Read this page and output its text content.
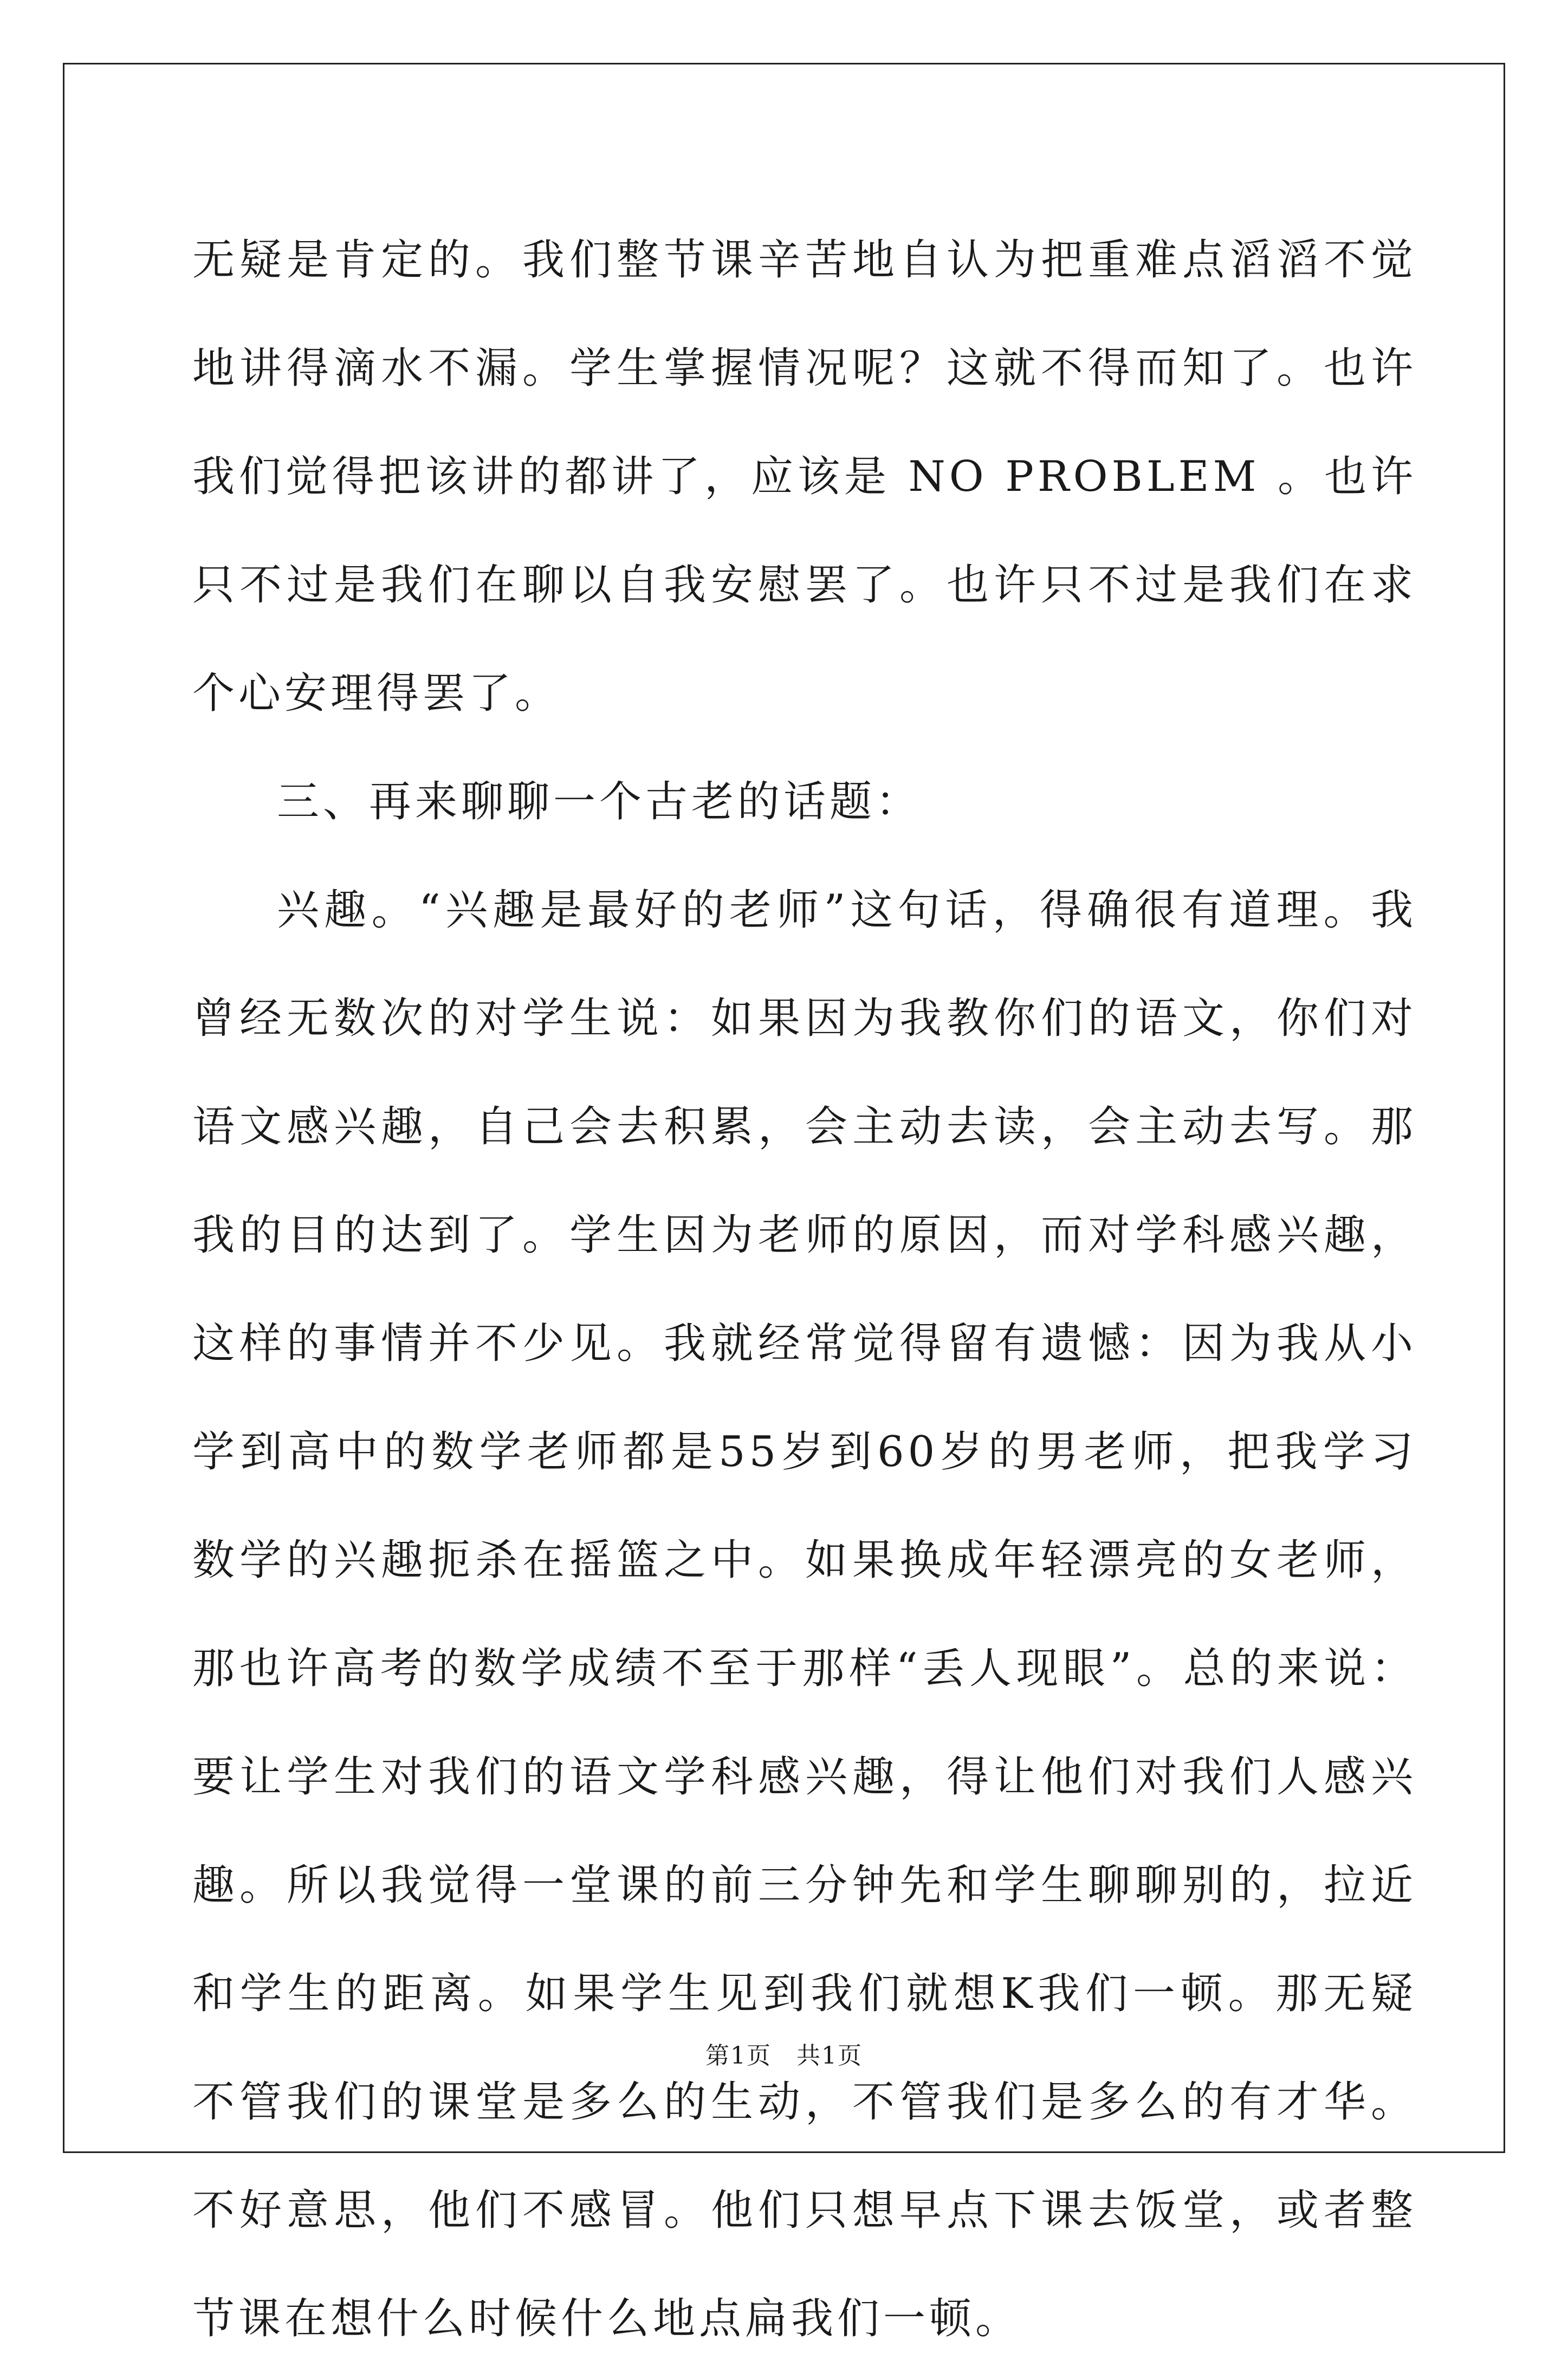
无疑是肯定的。我们整节课辛苦地自认为把重难点滔滔不觉地讲得滴水不漏。学生掌握情况呢？这就不得而知了。也许我们觉得把该讲的都讲了，应该是 NO PROBLEM 。也许只不过是我们在聊以自我安慰罢了。也许只不过是我们在求个心安理得罢了。

三、再来聊聊一个古老的话题：

兴趣。“兴趣是最好的老师”这句话，得确很有道理。我曾经无数次的对学生说：如果因为我教你们的语文，你们对语文感兴趣，自己会去积累，会主动去读，会主动去写。那我的目的达到了。学生因为老师的原因，而对学科感兴趣，这样的事情并不少见。我就经常觉得留有遗憾：因为我从小学到高中的数学老师都是55岁到60岁的男老师，把我学习数学的兴趣扼杀在摇篮之中。如果换成年轻漂亮的女老师，那也许高考的数学成绩不至于那样“丢人现眼”。总的来说：要让学生对我们的语文学科感兴趣，得让他们对我们人感兴趣。所以我觉得一堂课的前三分钟先和学生聊聊别的，拉近和学生的距离。如果学生见到我们就想K我们一顿。那无疑不管我们的课堂是多么的生动，不管我们是多么的有才华。不好意思，他们不感冒。他们只想早点下课去饭堂，或者整节课在想什么时候什么地点扁我们一顿。

第1页 共1页
